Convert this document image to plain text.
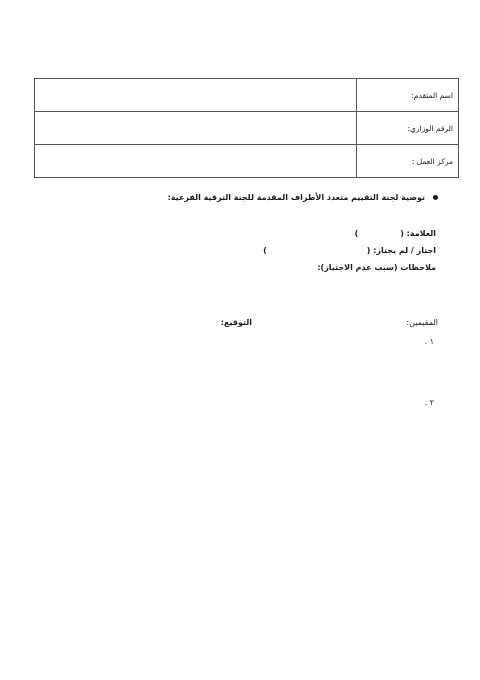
	اسم المتقدم:
	الرقم الوزاري:
	مركز العمل :
توصية لجنة التقييم متعدد الأطراف المقدمة للجنة الترقية الفرعية:
العلامة: ()
اجتاز / لم يجتاز: ()
ملاحظات (سبب عدم الاجتياز):
المقيمين:
التوقيع:
١ .
٢ .
